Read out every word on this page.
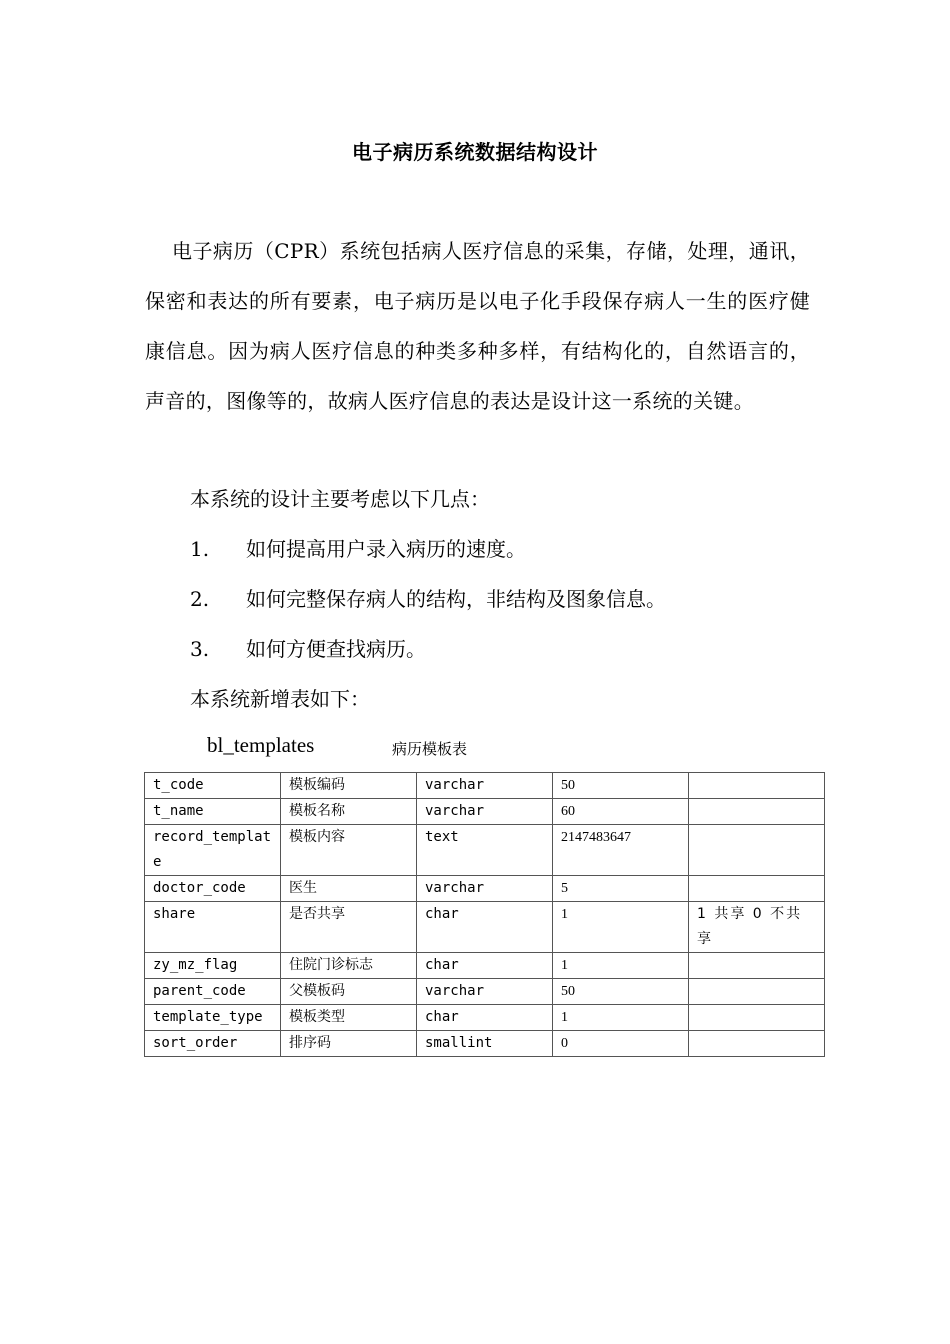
电子病历系统数据结构设计
电子病历（CPR）系统包括病人医疗信息的采集，存储，处理，通讯，保密和表达的所有要素，电子病历是以电子化手段保存病人一生的医疗健康信息。因为病人医疗信息的种类多种多样，有结构化的，自然语言的，声音的，图像等的，故病人医疗信息的表达是设计这一系统的关键。
本系统的设计主要考虑以下几点：
1. 如何提高用户录入病历的速度。
2. 如何完整保存病人的结构，非结构及图象信息。
3. 如何方便查找病历。
本系统新增表如下：
bl_templates	病历模板表
t_code	模板编码	varchar	50	
t_name	模板名称	varchar	60	
record_template	模板内容	text	2147483647	
doctor_code	医生	varchar	5	
share	是否共享	char	1	1 共享 0 不共享
zy_mz_flag	住院门诊标志	char	1	
parent_code	父模板码	varchar	50	
template_type	模板类型	char	1	
sort_order	排序码	smallint	0	
